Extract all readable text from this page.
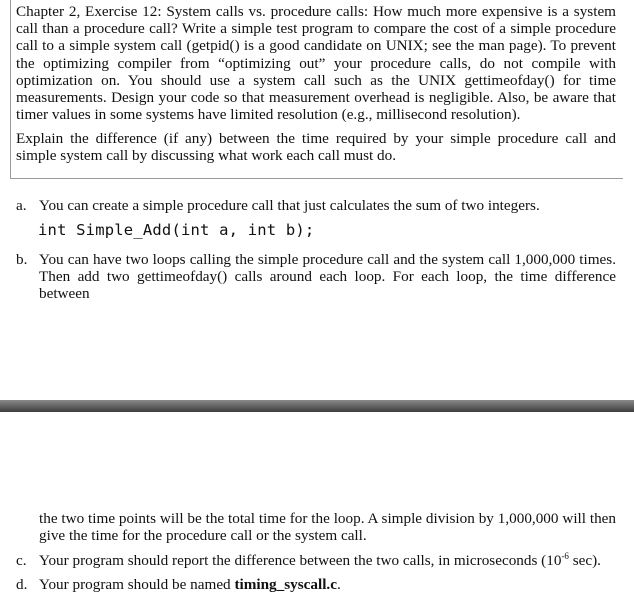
Chapter 2, Exercise 12: System calls vs. procedure calls: How much more expensive is a system call than a procedure call? Write a simple test program to compare the cost of a simple procedure call to a simple system call (getpid() is a good candidate on UNIX; see the man page). To prevent the optimizing compiler from “optimizing out” your procedure calls, do not compile with optimization on. You should use a system call such as the UNIX gettimeofday() for time measurements. Design your code so that measurement overhead is negligible. Also, be aware that timer values in some systems have limited resolution (e.g., millisecond resolution).

Explain the difference (if any) between the time required by your simple procedure call and simple system call by discussing what work each call must do.

a. You can create a simple procedure call that just calculates the sum of two integers.
int Simple_Add(int a, int b);
b. You can have two loops calling the simple procedure call and the system call 1,000,000 times. Then add two gettimeofday() calls around each loop. For each loop, the time difference between
the two time points will be the total time for the loop. A simple division by 1,000,000 will then give the time for the procedure call or the system call.
c. Your program should report the difference between the two calls, in microseconds ($10^{-6}$ sec).
d. Your program should be named timing_syscall.c.
